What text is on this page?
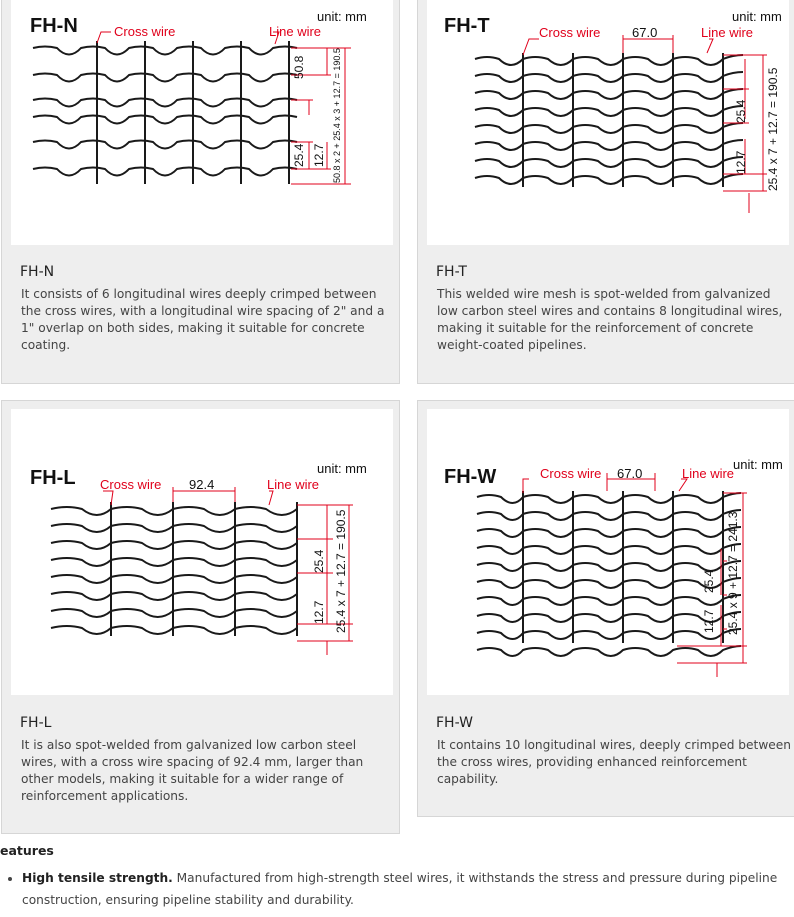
FH-N	unit: mm
Cross wire	Line wire
50.8
25.4 12.7 50.8 x 2 + 25.4 x 3 + 12.7 = 190.5
FH-N

It consists of 6 longitudinal wires deeply crimped between the cross wires, with a longitudinal wire spacing of 2" and a 1" overlap on both sides, making it suitable for concrete coating.

FH-T	unit: mm
Cross wire 67.0	Line wire
25.4
12.7 25.4 x 7 + 12.7 = 190.5
FH-T

This welded wire mesh is spot-welded from galvanized low carbon steel wires and contains 8 longitudinal wires, making it suitable for the reinforcement of concrete weight-coated pipelines.

FH-L	unit: mm
Cross wire 92.4	Line wire
25.4
12.7 25.4 x 7 + 12.7 = 190.5
FH-L

It is also spot-welded from galvanized low carbon steel wires, with a cross wire spacing of 92.4 mm, larger than other models, making it suitable for a wider range of reinforcement applications.

FH-W
unit: mm
Cross wire 67.0	Line wire
25.4
12.7 25.4 x 9 + 12.7 = 241.3
FH-W

It contains 10 longitudinal wires, deeply crimped between the cross wires, providing enhanced reinforcement capability.

eatures
• High tensile strength. Manufactured from high-strength steel wires, it withstands the stress and pressure during pipeline construction, ensuring pipeline stability and durability.
